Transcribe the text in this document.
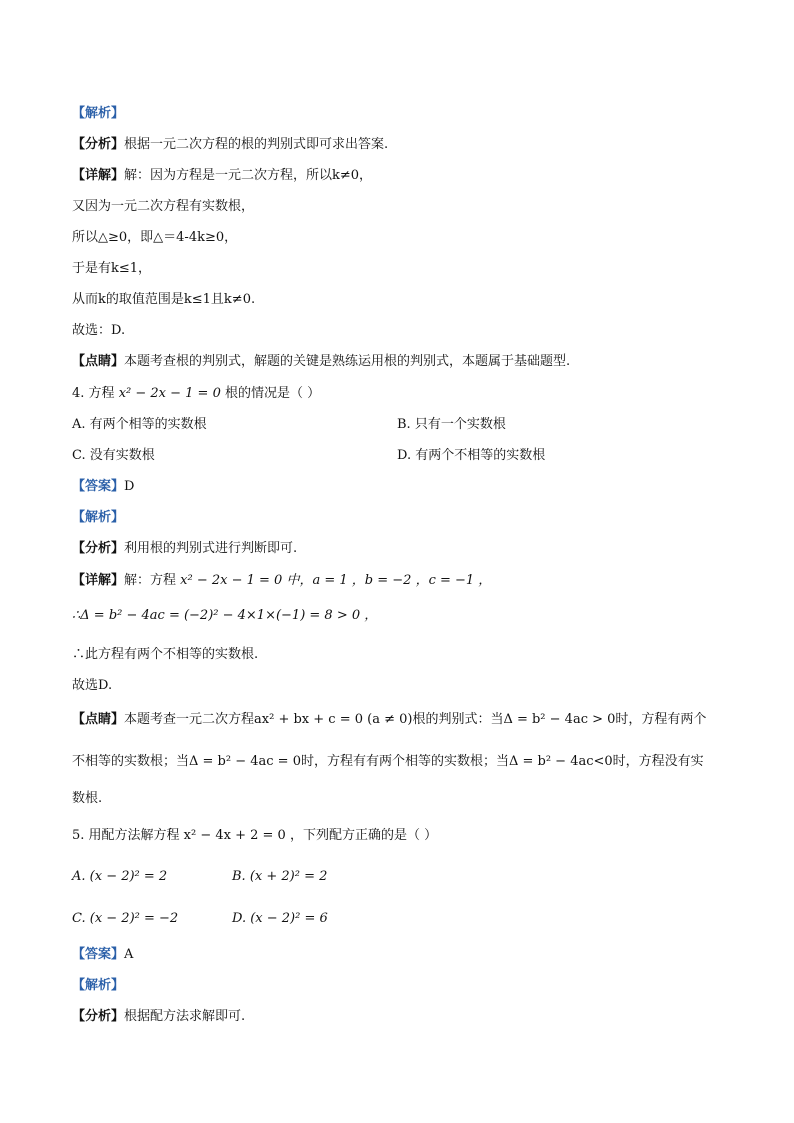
【解析】
【分析】根据一元二次方程的根的判别式即可求出答案.
【详解】解：因为方程是一元二次方程，所以k≠0，
又因为一元二次方程有实数根，
所以△≥0，即△＝4-4k≥0，
于是有k≤1，
从而k的取值范围是k≤1且k≠0.
故选：D.
【点睛】本题考查根的判别式，解题的关键是熟练运用根的判别式，本题属于基础题型.
4. 方程 x² − 2x − 1 = 0 根的情况是（ ）
A. 有两个相等的实数根	B. 只有一个实数根
C. 没有实数根	D. 有两个不相等的实数根
【答案】D
【解析】
【分析】利用根的判别式进行判断即可.
【详解】解：方程 x² − 2x − 1 = 0 中，a = 1 ，b = −2 ，c = −1 ，
∴Δ = b² − 4ac = (−2)² − 4×1×(−1) = 8 > 0 ，
∴此方程有两个不相等的实数根.
故选D.
【点睛】本题考查一元二次方程ax² + bx + c = 0 (a ≠ 0)根的判别式：当Δ = b² − 4ac > 0时，方程有两个
不相等的实数根；当Δ = b² − 4ac = 0时，方程有有两个相等的实数根；当Δ = b² − 4ac<0时，方程没有实
数根.
5. 用配方法解方程 x² − 4x + 2 = 0 ，下列配方正确的是（ ）
A. (x − 2)² = 2	B. (x + 2)² = 2
C. (x − 2)² = −2	D. (x − 2)² = 6
【答案】A
【解析】
【分析】根据配方法求解即可.
